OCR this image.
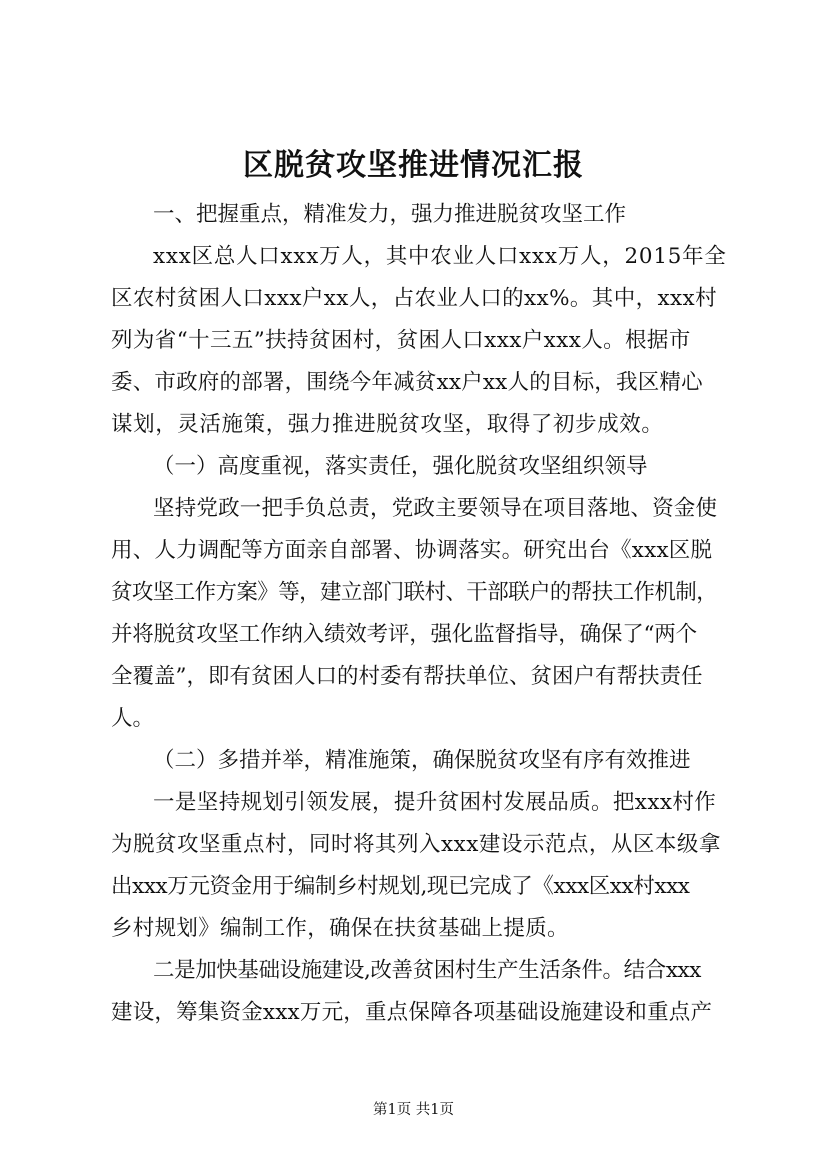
区脱贫攻坚推进情况汇报
一、把握重点，精准发力，强力推进脱贫攻坚工作
xxx区总人口xxx万人，其中农业人口xxx万人，2015年全
区农村贫困人口xxx户xx人，占农业人口的xx%。其中，xxx村
列为省“十三五”扶持贫困村，贫困人口xxx户xxx人。根据市
委、市政府的部署，围绕今年减贫xx户xx人的目标，我区精心
谋划，灵活施策，强力推进脱贫攻坚，取得了初步成效。
（一）高度重视，落实责任，强化脱贫攻坚组织领导
坚持党政一把手负总责，党政主要领导在项目落地、资金使
用、人力调配等方面亲自部署、协调落实。研究出台《xxx区脱
贫攻坚工作方案》等，建立部门联村、干部联户的帮扶工作机制，
并将脱贫攻坚工作纳入绩效考评，强化监督指导，确保了“两个
全覆盖”，即有贫困人口的村委有帮扶单位、贫困户有帮扶责任
人。
（二）多措并举，精准施策，确保脱贫攻坚有序有效推进
一是坚持规划引领发展，提升贫困村发展品质。把xxx村作
为脱贫攻坚重点村，同时将其列入xxx建设示范点，从区本级拿
出xxx万元资金用于编制乡村规划,现已完成了《xxx区xx村xxx
乡村规划》编制工作，确保在扶贫基础上提质。
二是加快基础设施建设,改善贫困村生产生活条件。结合xxx
建设，筹集资金xxx万元，重点保障各项基础设施建设和重点产
第1页 共1页
